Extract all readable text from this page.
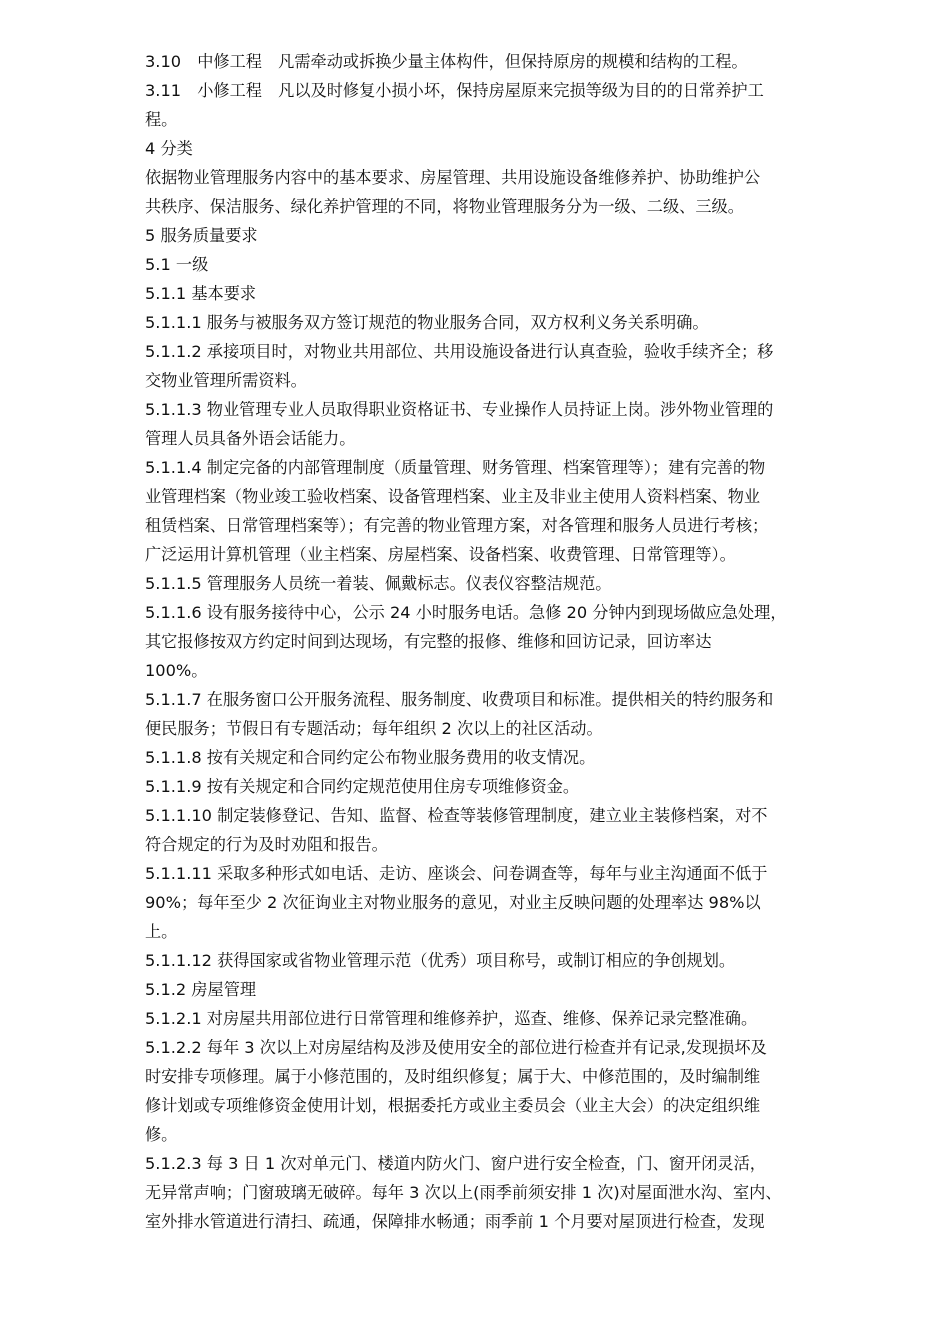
3.10　中修工程　凡需牵动或拆换少量主体构件，但保持原房的规模和结构的工程。
3.11　小修工程　凡以及时修复小损小坏，保持房屋原来完损等级为目的的日常养护工
程。
4 分类
依据物业管理服务内容中的基本要求、房屋管理、共用设施设备维修养护、协助维护公
共秩序、保洁服务、绿化养护管理的不同，将物业管理服务分为一级、二级、三级。
5 服务质量要求
5.1 一级
5.1.1 基本要求
5.1.1.1 服务与被服务双方签订规范的物业服务合同，双方权利义务关系明确。
5.1.1.2 承接项目时，对物业共用部位、共用设施设备进行认真查验，验收手续齐全；移
交物业管理所需资料。
5.1.1.3 物业管理专业人员取得职业资格证书、专业操作人员持证上岗。涉外物业管理的
管理人员具备外语会话能力。
5.1.1.4 制定完备的内部管理制度（质量管理、财务管理、档案管理等）；建有完善的物
业管理档案（物业竣工验收档案、设备管理档案、业主及非业主使用人资料档案、物业
租赁档案、日常管理档案等）；有完善的物业管理方案，对各管理和服务人员进行考核；
广泛运用计算机管理（业主档案、房屋档案、设备档案、收费管理、日常管理等）。
5.1.1.5 管理服务人员统一着装、佩戴标志。仪表仪容整洁规范。
5.1.1.6 设有服务接待中心，公示 24 小时服务电话。急修 20 分钟内到现场做应急处理，
其它报修按双方约定时间到达现场，有完整的报修、维修和回访记录，回访率达
100%。
5.1.1.7 在服务窗口公开服务流程、服务制度、收费项目和标准。提供相关的特约服务和
便民服务；节假日有专题活动；每年组织 2 次以上的社区活动。
5.1.1.8 按有关规定和合同约定公布物业服务费用的收支情况。
5.1.1.9 按有关规定和合同约定规范使用住房专项维修资金。
5.1.1.10 制定装修登记、告知、监督、检查等装修管理制度，建立业主装修档案，对不
符合规定的行为及时劝阻和报告。
5.1.1.11 采取多种形式如电话、走访、座谈会、问卷调查等，每年与业主沟通面不低于
90%；每年至少 2 次征询业主对物业服务的意见，对业主反映问题的处理率达 98%以
上。
5.1.1.12 获得国家或省物业管理示范（优秀）项目称号，或制订相应的争创规划。
5.1.2 房屋管理
5.1.2.1 对房屋共用部位进行日常管理和维修养护，巡查、维修、保养记录完整准确。
5.1.2.2 每年 3 次以上对房屋结构及涉及使用安全的部位进行检查并有记录,发现损坏及
时安排专项修理。属于小修范围的，及时组织修复；属于大、中修范围的，及时编制维
修计划或专项维修资金使用计划，根据委托方或业主委员会（业主大会）的决定组织维
修。
5.1.2.3 每 3 日 1 次对单元门、楼道内防火门、窗户进行安全检查，门、窗开闭灵活，
无异常声响；门窗玻璃无破碎。每年 3 次以上(雨季前须安排 1 次)对屋面泄水沟、室内、
室外排水管道进行清扫、疏通，保障排水畅通；雨季前 1 个月要对屋顶进行检查，发现
